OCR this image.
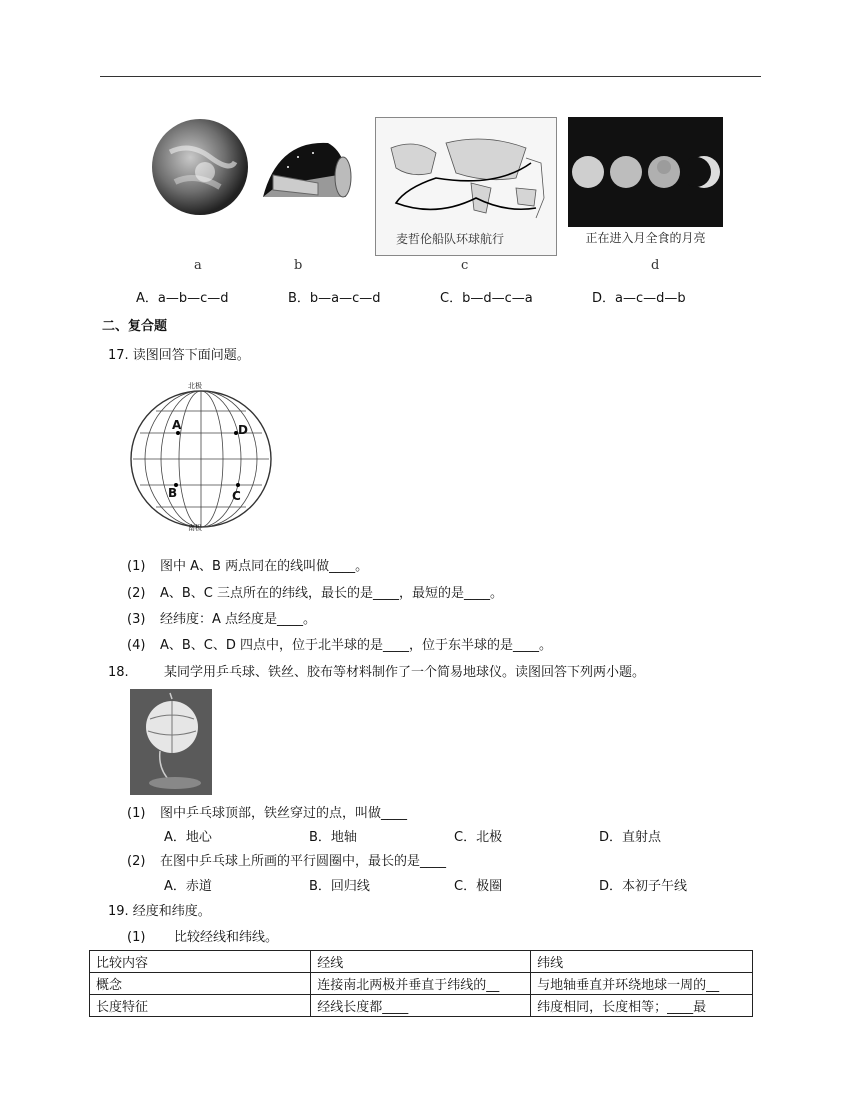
麦哲伦船队环球航行	正在进入月全食的月亮
a	b	c	d
A．a—b—c—d	B．b—a—c—d	C．b—d—c—a	D．a—c—d—b
二、复合题
17. 读图回答下面问题。
北极
南极
A
B	C
D
(1) 图中 A、B 两点同在的线叫做____。
(2) A、B、C 三点所在的纬线，最长的是____，最短的是____。
(3) 经纬度：A 点经度是____。
(4) A、B、C、D 四点中，位于北半球的是____，位于东半球的是____。
18.	某同学用乒乓球、铁丝、胶布等材料制作了一个简易地球仪。读图回答下列两小题。
(1) 图中乒乓球顶部，铁丝穿过的点，叫做____
A．地心	B．地轴	C．北极	D．直射点
(2) 在图中乒乓球上所画的平行圆圈中，最长的是____
A．赤道	B．回归线	C．极圈	D．本初子午线
19. 经度和纬度。
(1) 比较经线和纬线。
比较内容	经线	纬线
概念	连接南北两极并垂直于纬线的__	与地轴垂直并环绕地球一周的__
长度特征	经线长度都____	纬度相同，长度相等；____最
